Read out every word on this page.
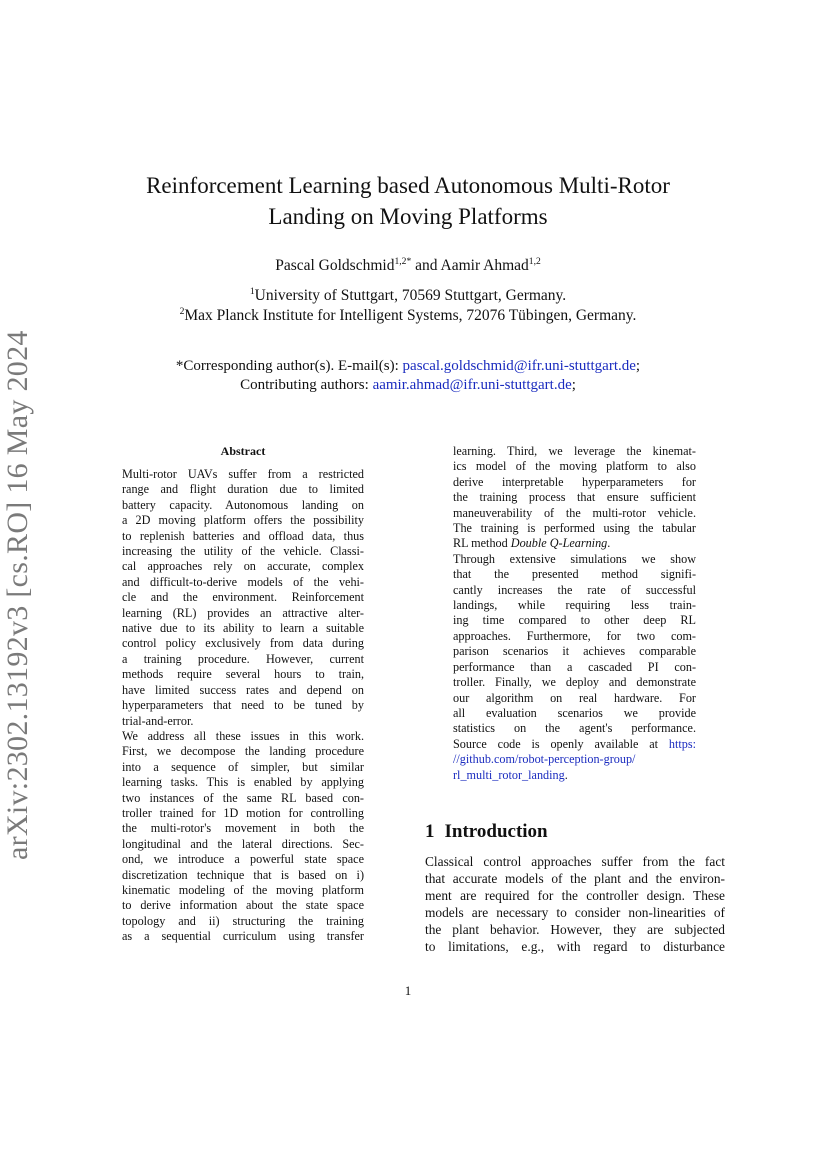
arXiv:2302.13192v3 [cs.RO] 16 May 2024
Reinforcement Learning based Autonomous Multi-Rotor
Landing on Moving Platforms
Pascal Goldschmid$^{1,2*}$ and Aamir Ahmad$^{1,2}$
$^1$University of Stuttgart, 70569 Stuttgart, Germany.
$^2$Max Planck Institute for Intelligent Systems, 72076 Tübingen, Germany.
*Corresponding author(s). E-mail(s): pascal.goldschmid@ifr.uni-stuttgart.de;
Contributing authors: aamir.ahmad@ifr.uni-stuttgart.de;
Abstract
Multi-rotor UAVs suffer from a restricted
range and flight duration due to limited
battery capacity. Autonomous landing on
a 2D moving platform offers the possibility
to replenish batteries and offload data, thus
increasing the utility of the vehicle. Classi-
cal approaches rely on accurate, complex
and difficult-to-derive models of the vehi-
cle and the environment. Reinforcement
learning (RL) provides an attractive alter-
native due to its ability to learn a suitable
control policy exclusively from data during
a training procedure. However, current
methods require several hours to train,
have limited success rates and depend on
hyperparameters that need to be tuned by
trial-and-error.
We address all these issues in this work.
First, we decompose the landing procedure
into a sequence of simpler, but similar
learning tasks. This is enabled by applying
two instances of the same RL based con-
troller trained for 1D motion for controlling
the multi-rotor's movement in both the
longitudinal and the lateral directions. Sec-
ond, we introduce a powerful state space
discretization technique that is based on i)
kinematic modeling of the moving platform
to derive information about the state space
topology and ii) structuring the training
as a sequential curriculum using transfer
learning. Third, we leverage the kinemat-
ics model of the moving platform to also
derive interpretable hyperparameters for
the training process that ensure sufficient
maneuverability of the multi-rotor vehicle.
The training is performed using the tabular
RL method Double Q-Learning.
Through extensive simulations we show
that the presented method signifi-
cantly increases the rate of successful
landings, while requiring less train-
ing time compared to other deep RL
approaches. Furthermore, for two com-
parison scenarios it achieves comparable
performance than a cascaded PI con-
troller. Finally, we deploy and demonstrate
our algorithm on real hardware. For
all evaluation scenarios we provide
statistics on the agent's performance.
Source code is openly available at https:
//github.com/robot-perception-group/
rl_multi_rotor_landing.
1 Introduction
Classical control approaches suffer from the fact
that accurate models of the plant and the environ-
ment are required for the controller design. These
models are necessary to consider non-linearities of
the plant behavior. However, they are subjected
to limitations, e.g., with regard to disturbance
1
